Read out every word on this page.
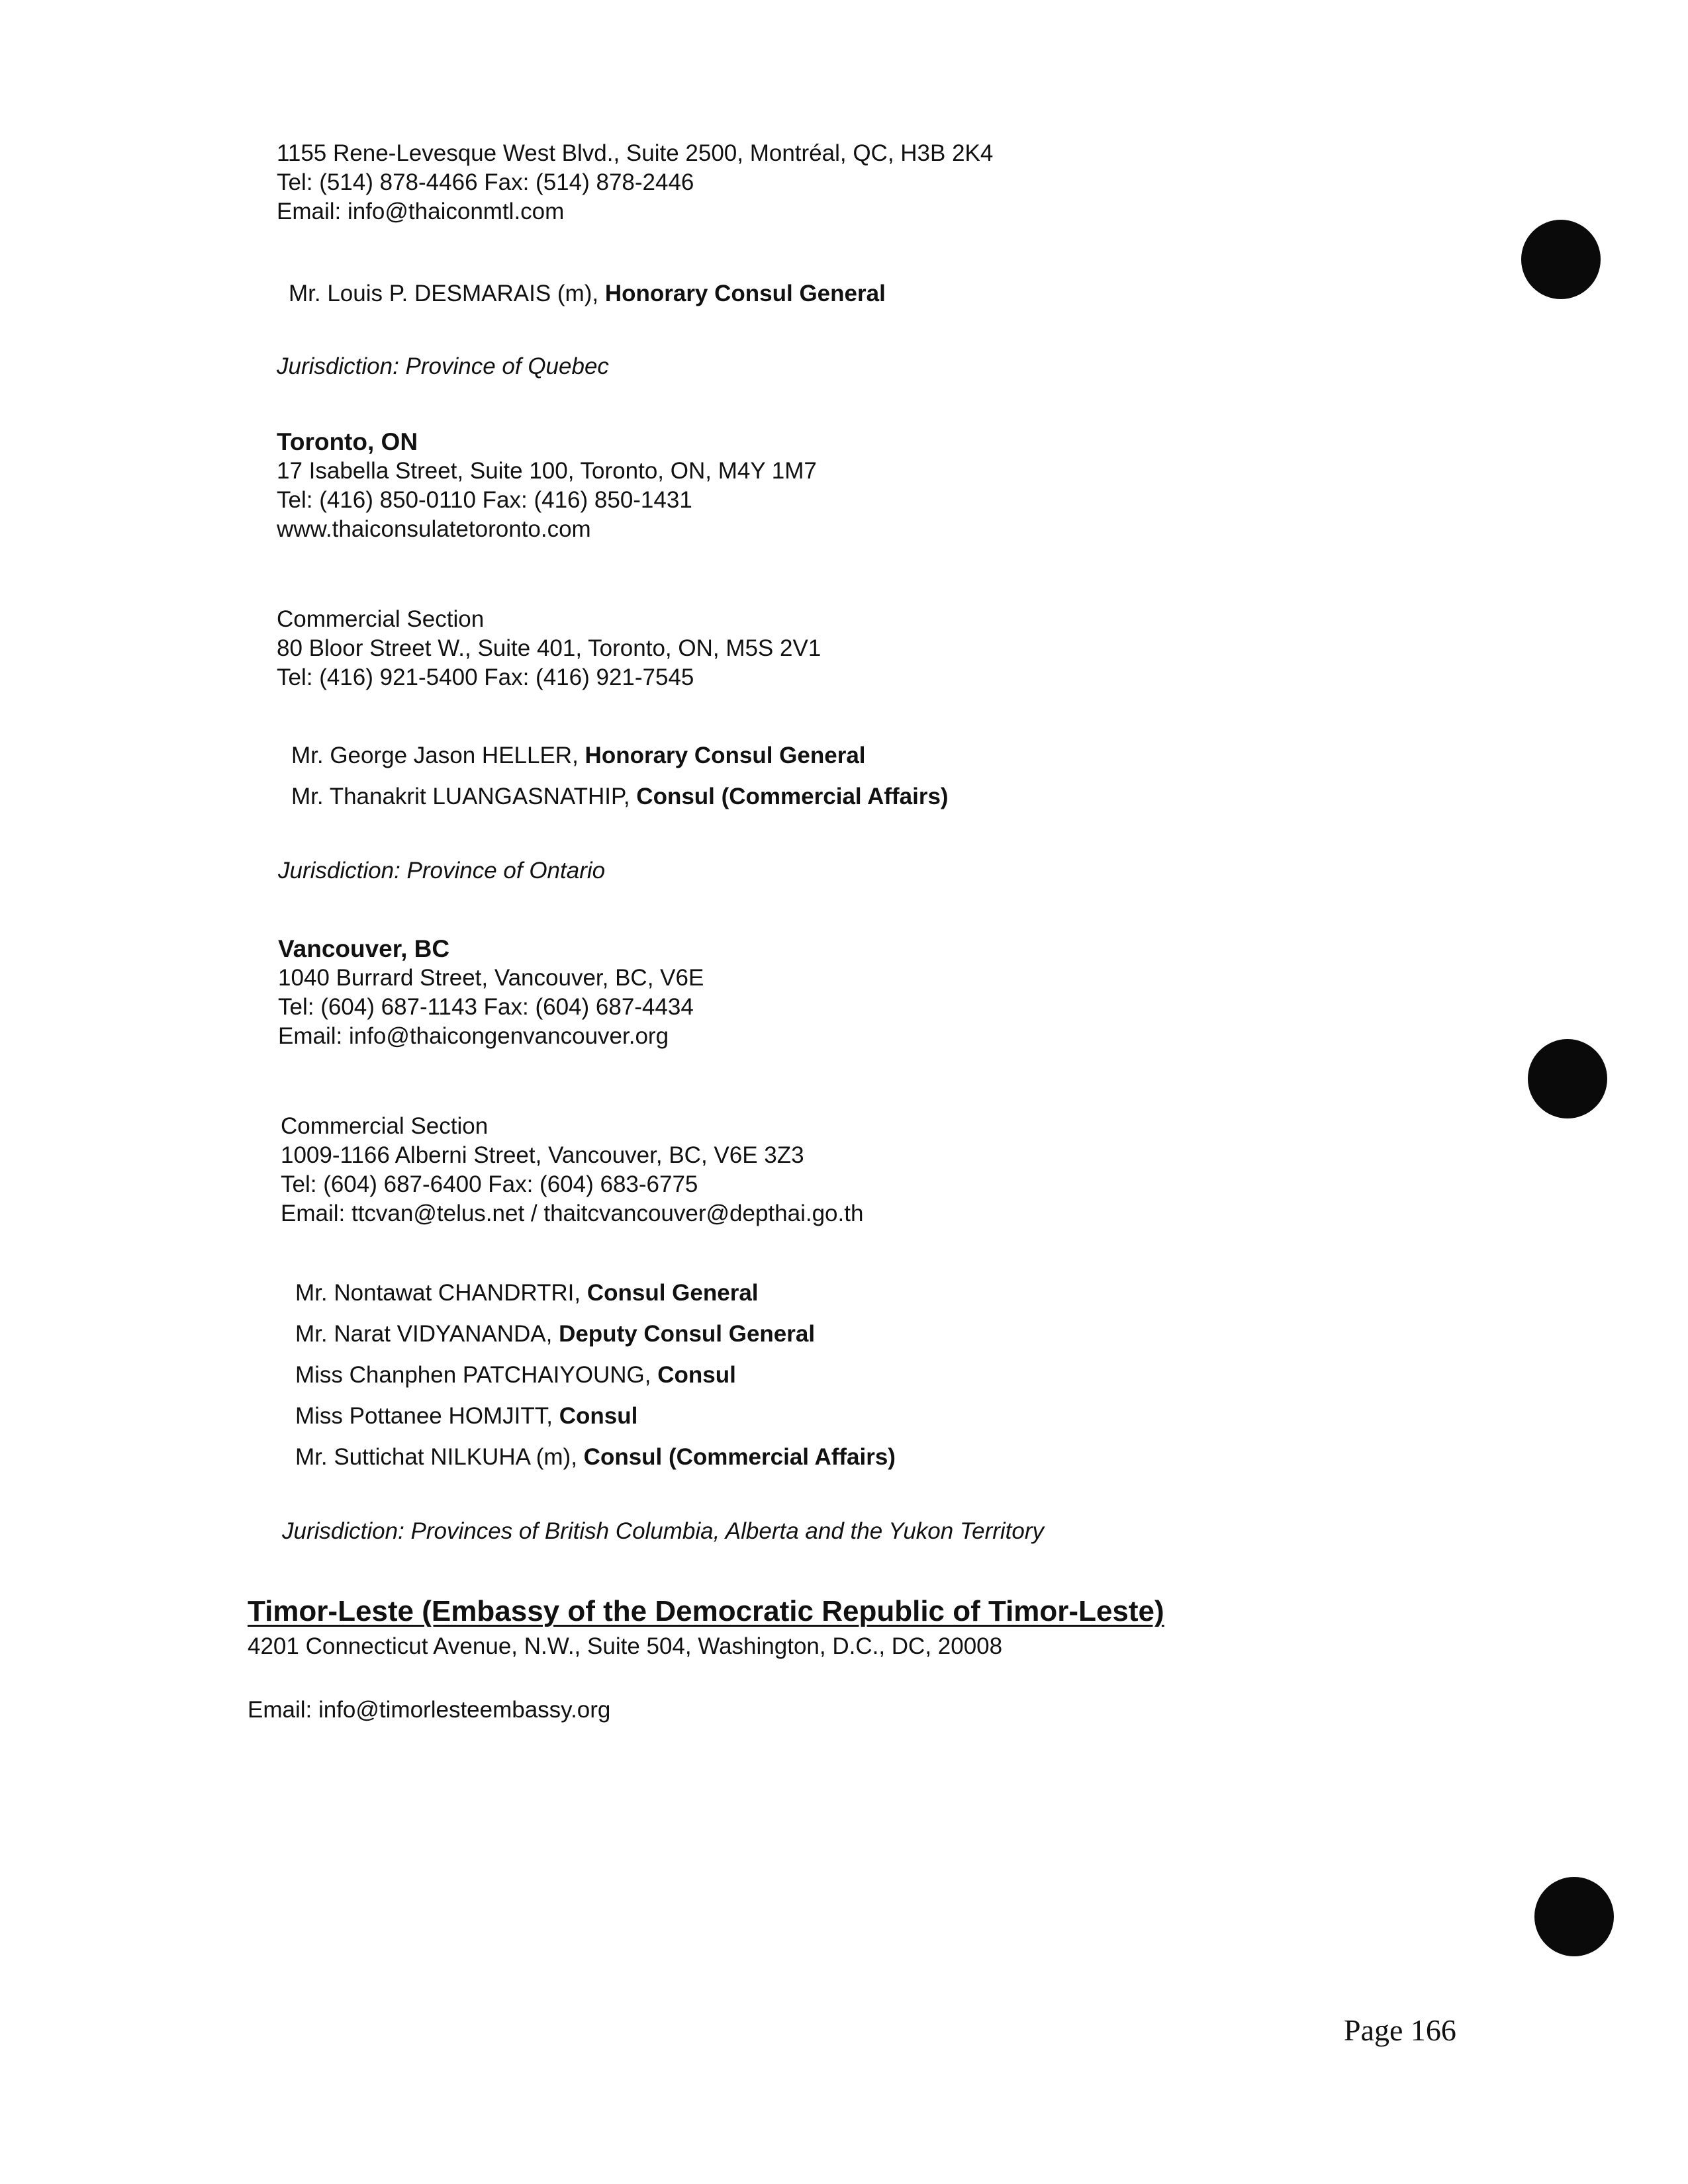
1155 Rene-Levesque West Blvd., Suite 2500, Montréal, QC, H3B 2K4
Tel: (514) 878-4466 Fax: (514) 878-2446
Email: info@thaiconmtl.com
Mr. Louis P. DESMARAIS (m), Honorary Consul General
Jurisdiction: Province of Quebec
Toronto, ON
17 Isabella Street, Suite 100, Toronto, ON, M4Y 1M7
Tel: (416) 850-0110 Fax: (416) 850-1431
www.thaiconsulatetoronto.com
Commercial Section
80 Bloor Street W., Suite 401, Toronto, ON, M5S 2V1
Tel: (416) 921-5400 Fax: (416) 921-7545
Mr. George Jason HELLER, Honorary Consul General
Mr. Thanakrit LUANGASNATHIP, Consul (Commercial Affairs)
Jurisdiction: Province of Ontario
Vancouver, BC
1040 Burrard Street, Vancouver, BC, V6E
Tel: (604) 687-1143 Fax: (604) 687-4434
Email: info@thaicongenvancouver.org
Commercial Section
1009-1166 Alberni Street, Vancouver, BC, V6E 3Z3
Tel: (604) 687-6400 Fax: (604) 683-6775
Email: ttcvan@telus.net / thaitcvancouver@depthai.go.th
Mr. Nontawat CHANDRTRI, Consul General
Mr. Narat VIDYANANDA, Deputy Consul General
Miss Chanphen PATCHAIYOUNG, Consul
Miss Pottanee HOMJITT, Consul
Mr. Suttichat NILKUHA (m), Consul (Commercial Affairs)
Jurisdiction: Provinces of British Columbia, Alberta and the Yukon Territory
Timor-Leste (Embassy of the Democratic Republic of Timor-Leste)
4201 Connecticut Avenue, N.W., Suite 504, Washington, D.C., DC, 20008
Email: info@timorlesteembassy.org
Page 166
